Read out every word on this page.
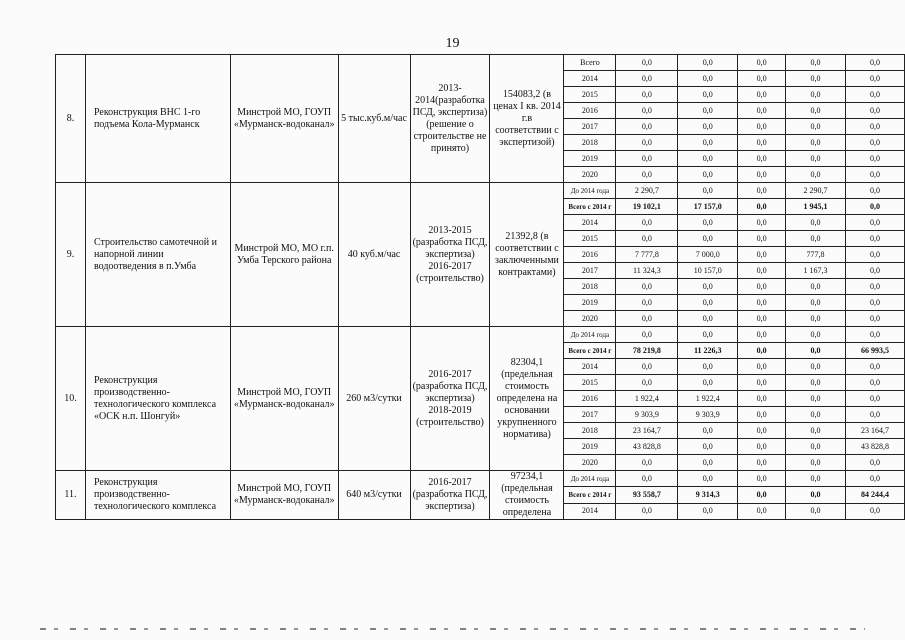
19
8.	Реконструкция ВНС 1-го подъема Кола-Мурманск	Минстрой МО, ГОУП «Мурманск-водоканал»	5 тыс.куб.м/час	2013-2014(разработка ПСД, экспертиза) (решение о строительстве не принято)	154083,2 (в ценах I кв. 2014 г.в соответствии с экспертизой)	Всего	0,0	0,0	0,0	0,0	0,0
						2014	0,0	0,0	0,0	0,0	0,0
						2015	0,0	0,0	0,0	0,0	0,0
						2016	0,0	0,0	0,0	0,0	0,0
						2017	0,0	0,0	0,0	0,0	0,0
						2018	0,0	0,0	0,0	0,0	0,0
						2019	0,0	0,0	0,0	0,0	0,0
						2020	0,0	0,0	0,0	0,0	0,0
9.	Строительство самотечной и напорной линии водоотведения в п.Умба	Минстрой МО, МО г.п. Умба Терского района	40 куб.м/час	2013-2015 (разработка ПСД, экспертиза) 2016-2017 (строительство)	21392,8 (в соответствии с заключенными контрактами)	До 2014 года	2 290,7	0,0	0,0	2 290,7	0,0
						Всего с 2014 г	19 102,1	17 157,0	0,0	1 945,1	0,0
						2014	0,0	0,0	0,0	0,0	0,0
						2015	0,0	0,0	0,0	0,0	0,0
						2016	7 777,8	7 000,0	0,0	777,8	0,0
						2017	11 324,3	10 157,0	0,0	1 167,3	0,0
						2018	0,0	0,0	0,0	0,0	0,0
						2019	0,0	0,0	0,0	0,0	0,0
						2020	0,0	0,0	0,0	0,0	0,0
10.	Реконструкция производственно-технологического комплекса «ОСК н.п. Шонгуй»	Минстрой МО, ГОУП «Мурманск-водоканал»	260 м3/сутки	2016-2017 (разработка ПСД, экспертиза) 2018-2019 (строительство)	82304,1 (предельная стоимость определена на основании укрупненного норматива)	До 2014 года	0,0	0,0	0,0	0,0	0,0
						Всего с 2014 г	78 219,8	11 226,3	0,0	0,0	66 993,5
						2014	0,0	0,0	0,0	0,0	0,0
						2015	0,0	0,0	0,0	0,0	0,0
						2016	1 922,4	1 922,4	0,0	0,0	0,0
						2017	9 303,9	9 303,9	0,0	0,0	0,0
						2018	23 164,7	0,0	0,0	0,0	23 164,7
						2019	43 828,8	0,0	0,0	0,0	43 828,8
						2020	0,0	0,0	0,0	0,0	0,0
11.	Реконструкция производственно-технологического комплекса	Минстрой МО, ГОУП «Мурманск-водоканал»	640 м3/сутки	2016-2017 (разработка ПСД, экспертиза)	97234,1 (предельная стоимость определена	До 2014 года	0,0	0,0	0,0	0,0	0,0
						Всего с 2014 г	93 558,7	9 314,3	0,0	0,0	84 244,4
						2014	0,0	0,0	0,0	0,0	0,0
